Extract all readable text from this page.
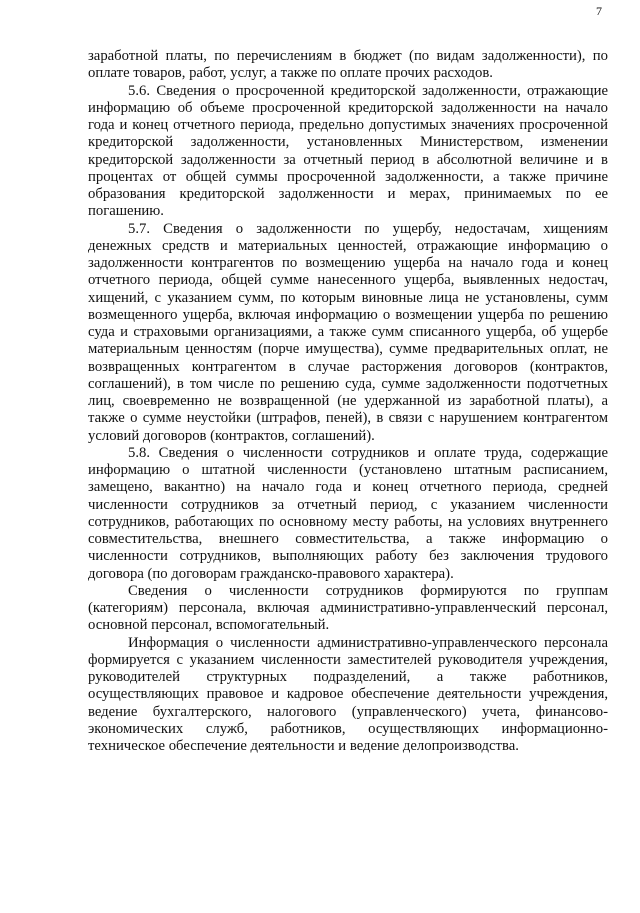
7

заработной платы, по перечислениям в бюджет (по видам задолженности), по оплате товаров, работ, услуг, а также по оплате прочих расходов.

5.6. Сведения о просроченной кредиторской задолженности, отражающие информацию об объеме просроченной кредиторской задолженности на начало года и конец отчетного периода, предельно допустимых значениях просроченной кредиторской задолженности, установленных Министерством, изменении кредиторской задолженности за отчетный период в абсолютной величине и в процентах от общей суммы просроченной задолженности, а также причине образования кредиторской задолженности и мерах, принимаемых по ее погашению.

5.7. Сведения о задолженности по ущербу, недостачам, хищениям денежных средств и материальных ценностей, отражающие информацию о задолженности контрагентов по возмещению ущерба на начало года и конец отчетного периода, общей сумме нанесенного ущерба, выявленных недостач, хищений, с указанием сумм, по которым виновные лица не установлены, сумм возмещенного ущерба, включая информацию о возмещении ущерба по решению суда и страховыми организациями, а также сумм списанного ущерба, об ущербе материальным ценностям (порче имущества), сумме предварительных оплат, не возвращенных контрагентом в случае расторжения договоров (контрактов, соглашений), в том числе по решению суда, сумме задолженности подотчетных лиц, своевременно не возвращенной (не удержанной из заработной платы), а также о сумме неустойки (штрафов, пеней), в связи с нарушением контрагентом условий договоров (контрактов, соглашений).

5.8. Сведения о численности сотрудников и оплате труда, содержащие информацию о штатной численности (установлено штатным расписанием, замещено, вакантно) на начало года и конец отчетного периода, средней численности сотрудников за отчетный период, с указанием численности сотрудников, работающих по основному месту работы, на условиях внутреннего совместительства, внешнего совместительства, а также информацию о численности сотрудников, выполняющих работу без заключения трудового договора (по договорам гражданско-правового характера).

Сведения о численности сотрудников формируются по группам (категориям) персонала, включая административно-управленческий персонал, основной персонал, вспомогательный.

Информация о численности административно-управленческого персонала формируется с указанием численности заместителей руководителя учреждения, руководителей структурных подразделений, а также работников, осуществляющих правовое и кадровое обеспечение деятельности учреждения, ведение бухгалтерского, налогового (управленческого) учета, финансово-экономических служб, работников, осуществляющих информационно-техническое обеспечение деятельности и ведение делопроизводства.
